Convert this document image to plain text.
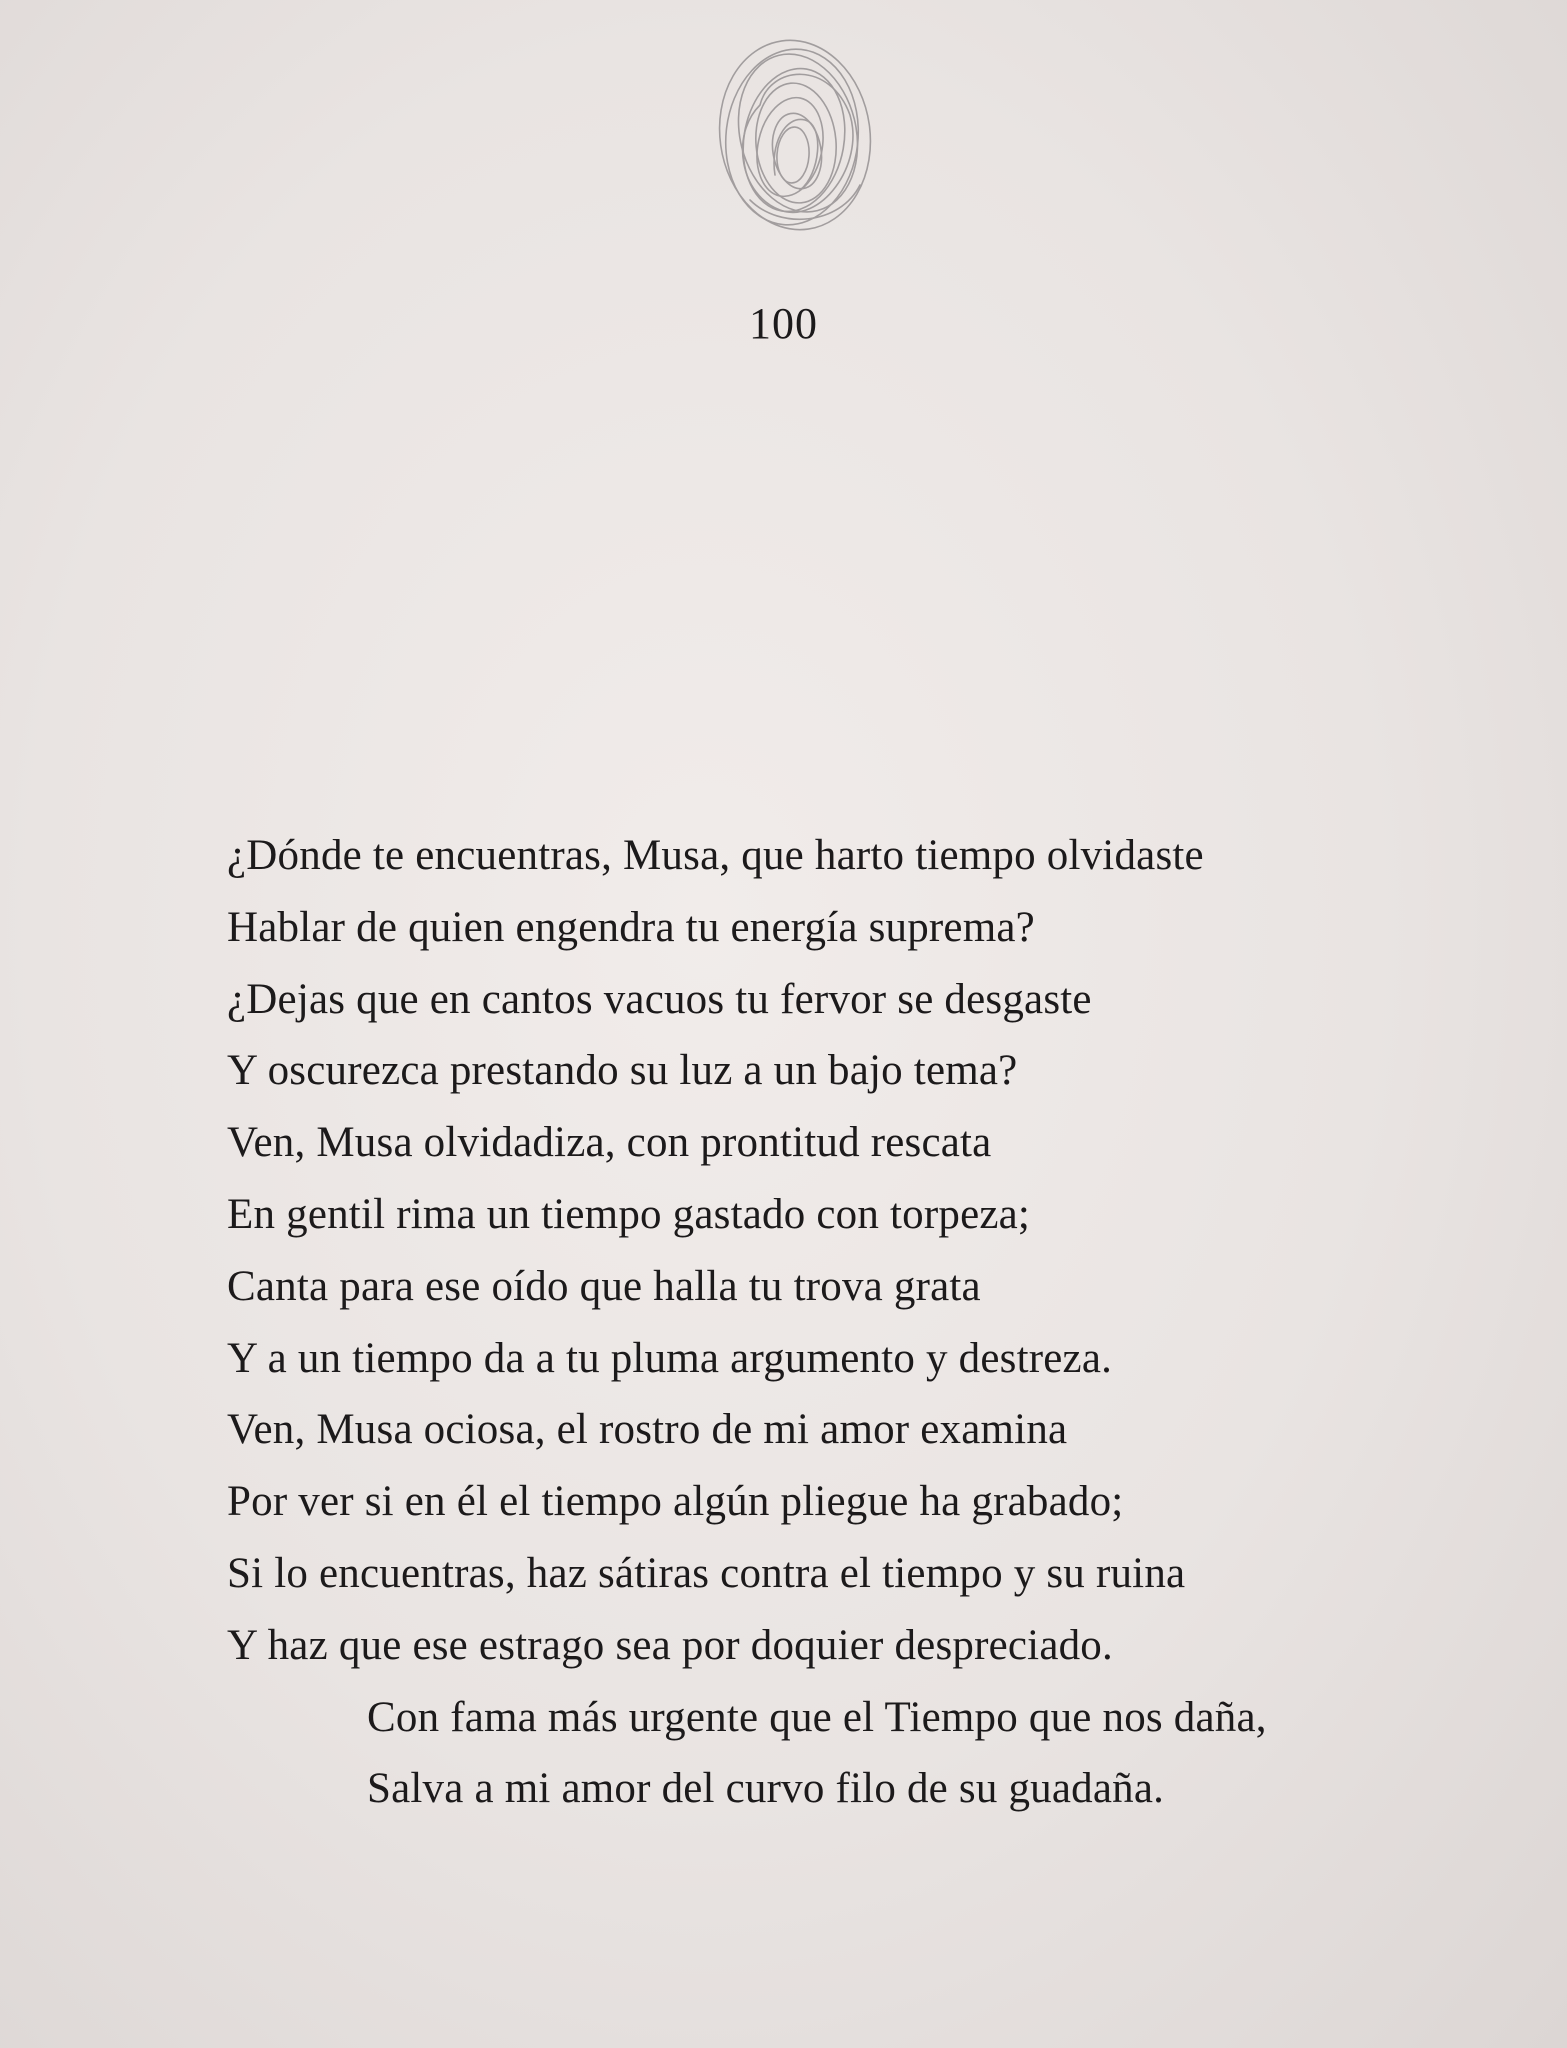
100
¿Dónde te encuentras, Musa, que harto tiempo olvidaste
Hablar de quien engendra tu energía suprema?
¿Dejas que en cantos vacuos tu fervor se desgaste
Y oscurezca prestando su luz a un bajo tema?
Ven, Musa olvidadiza, con prontitud rescata
En gentil rima un tiempo gastado con torpeza;
Canta para ese oído que halla tu trova grata
Y a un tiempo da a tu pluma argumento y destreza.
Ven, Musa ociosa, el rostro de mi amor examina
Por ver si en él el tiempo algún pliegue ha grabado;
Si lo encuentras, haz sátiras contra el tiempo y su ruina
Y haz que ese estrago sea por doquier despreciado.
Con fama más urgente que el Tiempo que nos daña,
Salva a mi amor del curvo filo de su guadaña.
